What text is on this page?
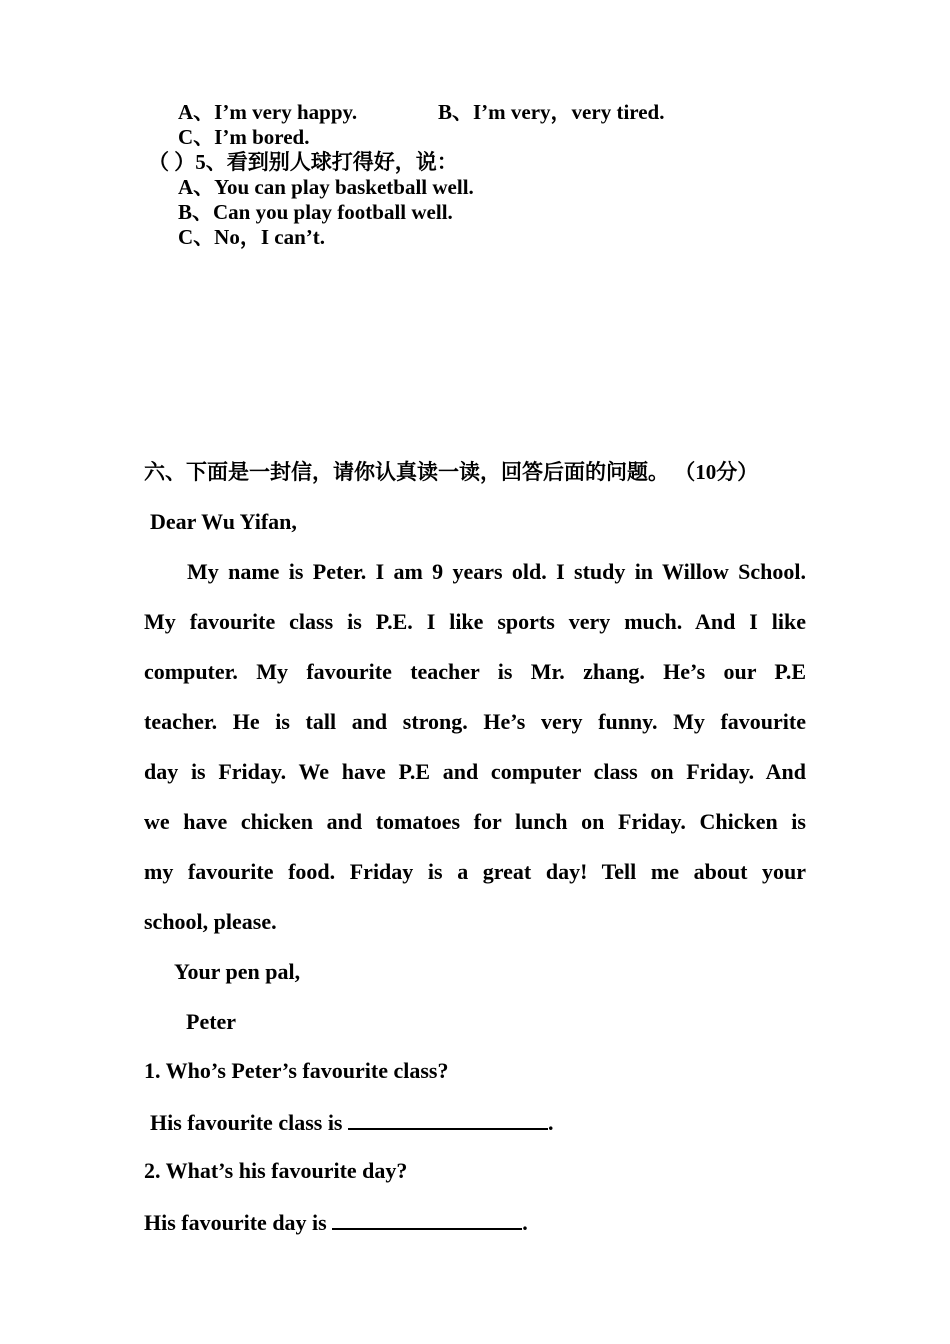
A、I’m very happy.	B、I’m very，very tired.
C、I’m bored.
（ ）5、看到别人球打得好，说：
A、You can play basketball well.
B、Can you play football well.
C、No，I can’t.
六、下面是一封信，请你认真读一读，回答后面的问题。 （10分）
Dear Wu Yifan,
My name is Peter. I am 9 years old. I study in Willow School.
My favourite class is P.E. I like sports very much. And I like
computer. My favourite teacher is Mr. zhang. He’s our P.E
teacher. He is tall and strong. He’s very funny. My favourite
day is Friday. We have P.E and computer class on Friday. And
we have chicken and tomatoes for lunch on Friday. Chicken is
my favourite food. Friday is a great day! Tell me about your
school, please.
Your pen pal,
Peter
1. Who’s Peter’s favourite class?
His favourite class is	.
2. What’s his favourite day?
His favourite day is	.
